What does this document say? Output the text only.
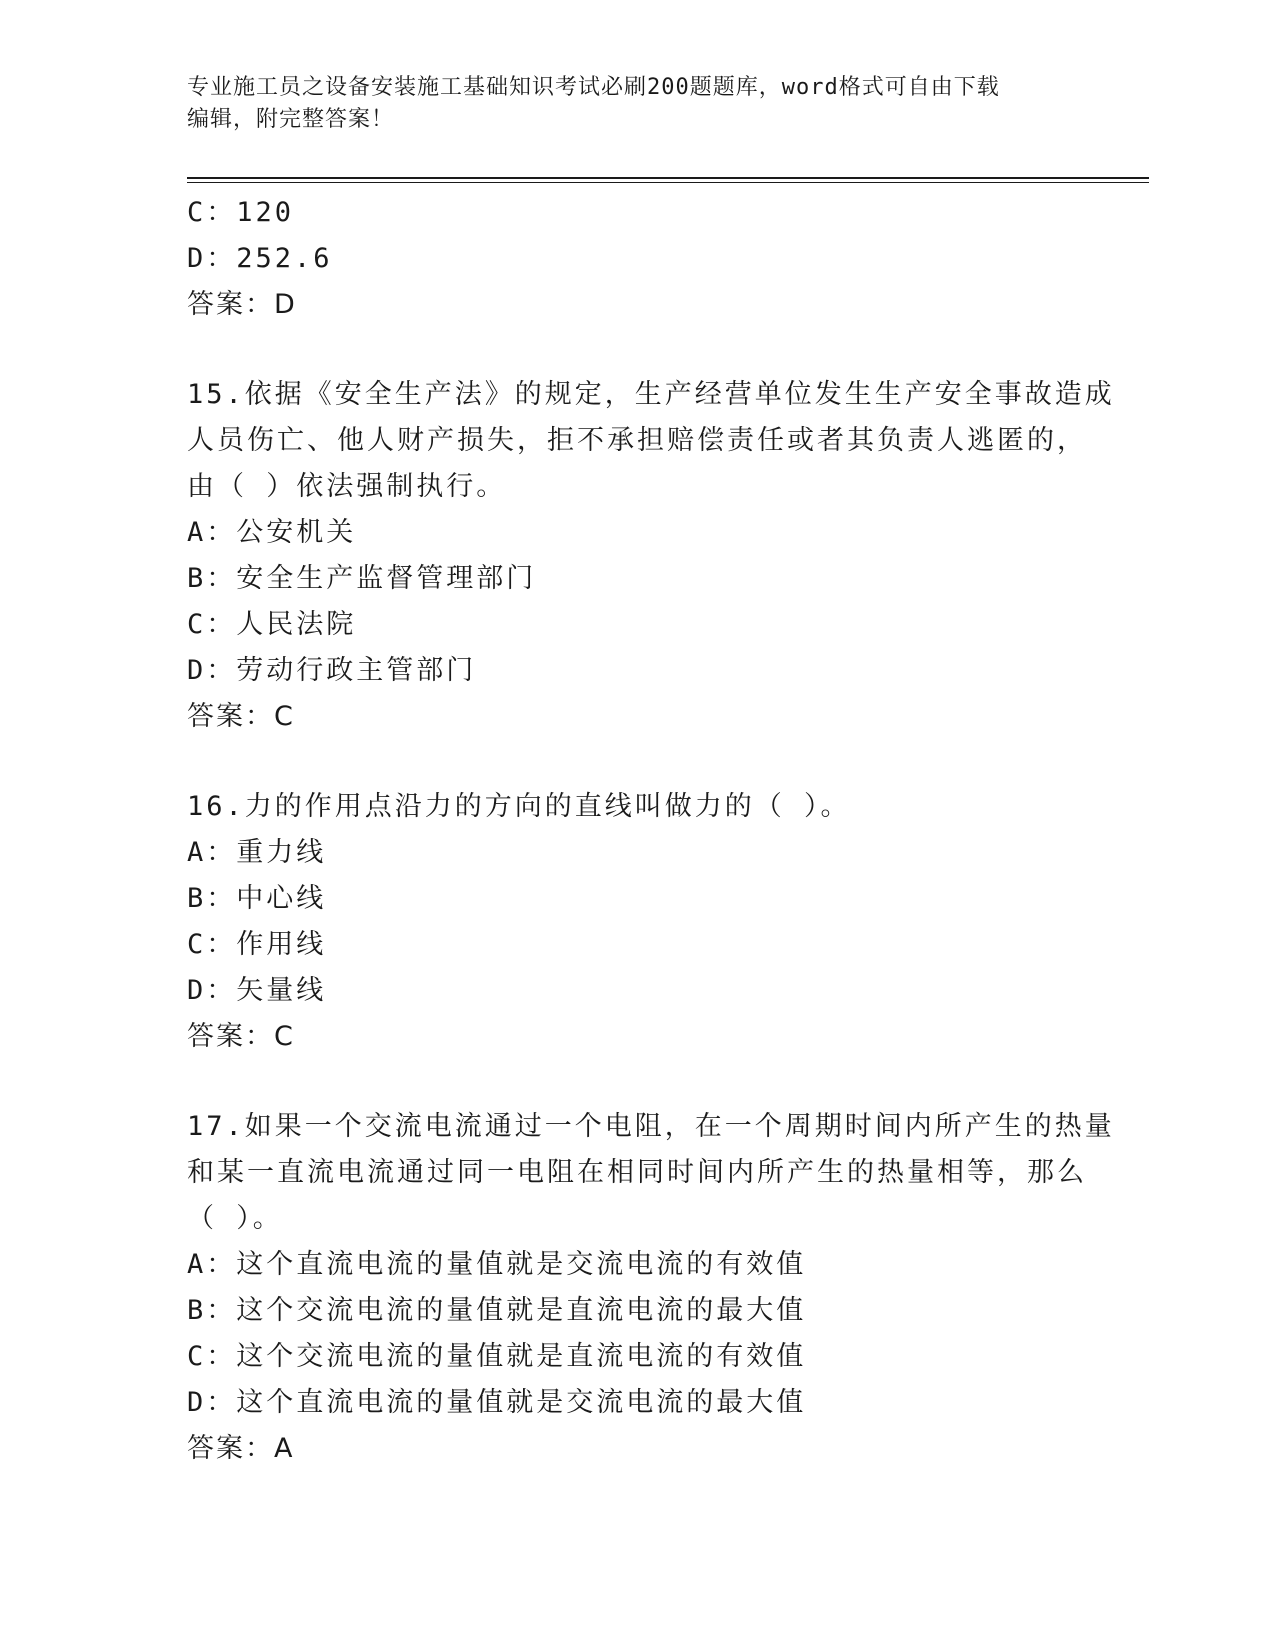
专业施工员之设备安装施工基础知识考试必刷200题题库，word格式可自由下载
编辑，附完整答案！
C：120
D：252.6
答案：D
15.依据《安全生产法》的规定，生产经营单位发生生产安全事故造成
人员伤亡、他人财产损失，拒不承担赔偿责任或者其负责人逃匿的，
由（ ）依法强制执行。
A：公安机关
B：安全生产监督管理部门
C：人民法院
D：劳动行政主管部门
答案：C
16.力的作用点沿力的方向的直线叫做力的（ ）。
A：重力线
B：中心线
C：作用线
D：矢量线
答案：C
17.如果一个交流电流通过一个电阻，在一个周期时间内所产生的热量
和某一直流电流通过同一电阻在相同时间内所产生的热量相等，那么
（ ）。
A：这个直流电流的量值就是交流电流的有效值
B：这个交流电流的量值就是直流电流的最大值
C：这个交流电流的量值就是直流电流的有效值
D：这个直流电流的量值就是交流电流的最大值
答案：A
